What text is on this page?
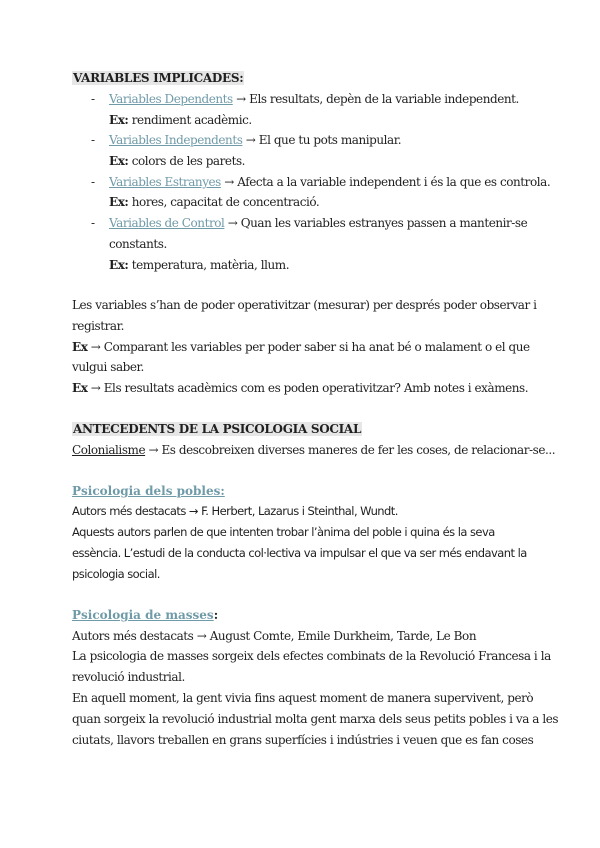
VARIABLES IMPLICADES:
- Variables Dependents → Els resultats, depèn de la variable independent.
Ex: rendiment acadèmic.
- Variables Independents → El que tu pots manipular.
Ex: colors de les parets.
- Variables Estranyes → Afecta a la variable independent i és la que es controla.
Ex: hores, capacitat de concentració.
- Variables de Control → Quan les variables estranyes passen a mantenir-se
constants.
Ex: temperatura, matèria, llum.
Les variables s’han de poder operativitzar (mesurar) per després poder observar i
registrar.
Ex → Comparant les variables per poder saber si ha anat bé o malament o el que
vulgui saber.
Ex → Els resultats acadèmics com es poden operativitzar? Amb notes i exàmens.
ANTECEDENTS DE LA PSICOLOGIA SOCIAL
Colonialisme → Es descobreixen diverses maneres de fer les coses, de relacionar-se...
Psicologia dels pobles:
Autors més destacats → F. Herbert, Lazarus i Steinthal, Wundt.
Aquests autors parlen de que intenten trobar l’ànima del poble i quina és la seva
essència. L’estudi de la conducta col·lectiva va impulsar el que va ser més endavant la
psicologia social.
Psicologia de masses:
Autors més destacats → August Comte, Emile Durkheim, Tarde, Le Bon
La psicologia de masses sorgeix dels efectes combinats de la Revolució Francesa i la
revolució industrial.
En aquell moment, la gent vivia fins aquest moment de manera supervivent, però
quan sorgeix la revolució industrial molta gent marxa dels seus petits pobles i va a les
ciutats, llavors treballen en grans superfícies i indústries i veuen que es fan coses
